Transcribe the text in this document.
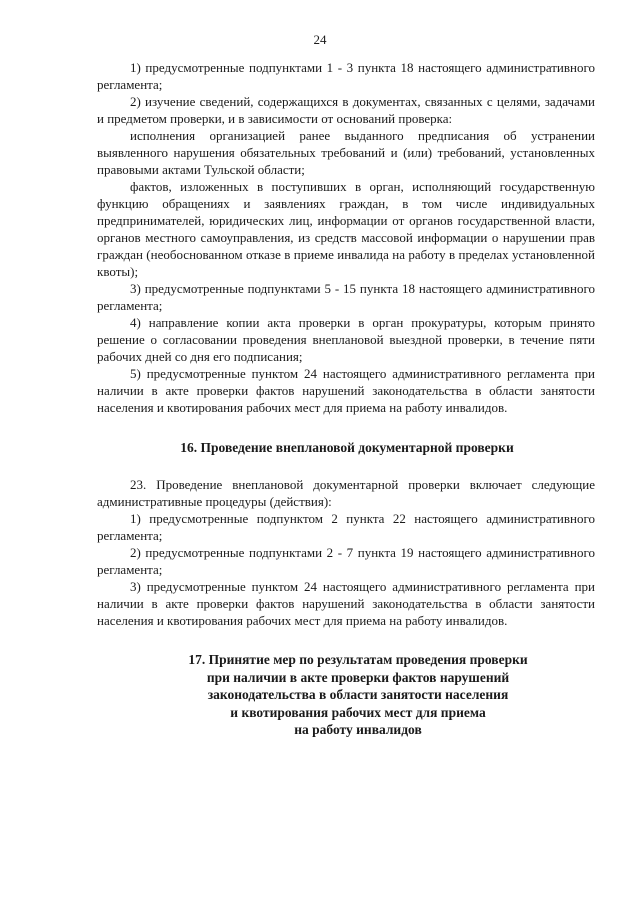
24

1) предусмотренные подпунктами 1 - 3 пункта 18 настоящего административного регламента;

2) изучение сведений, содержащихся в документах, связанных с целями, задачами и предметом проверки, и в зависимости от оснований проверка:

исполнения организацией ранее выданного предписания об устранении выявленного нарушения обязательных требований и (или) требований, установленных правовыми актами Тульской области;

фактов, изложенных в поступивших в орган, исполняющий государственную функцию обращениях и заявлениях граждан, в том числе индивидуальных предпринимателей, юридических лиц, информации от органов государственной власти, органов местного самоуправления, из средств массовой информации о нарушении прав граждан (необоснованном отказе в приеме инвалида на работу в пределах установленной квоты);

3) предусмотренные подпунктами 5 - 15 пункта 18 настоящего административного регламента;

4) направление копии акта проверки в орган прокуратуры, которым принято решение о согласовании проведения внеплановой выездной проверки, в течение пяти рабочих дней со дня его подписания;

5) предусмотренные пунктом 24 настоящего административного регламента при наличии в акте проверки фактов нарушений законодательства в области занятости населения и квотирования рабочих мест для приема на работу инвалидов.

16. Проведение внеплановой документарной проверки

23. Проведение внеплановой документарной проверки включает следующие административные процедуры (действия):

1) предусмотренные подпунктом 2 пункта 22 настоящего административного регламента;

2) предусмотренные подпунктами 2 - 7 пункта 19 настоящего административного регламента;

3) предусмотренные пунктом 24 настоящего административного регламента при наличии в акте проверки фактов нарушений законодательства в области занятости населения и квотирования рабочих мест для приема на работу инвалидов.

17. Принятие мер по результатам проведения проверки
при наличии в акте проверки фактов нарушений
законодательства в области занятости населения
и квотирования рабочих мест для приема
на работу инвалидов
